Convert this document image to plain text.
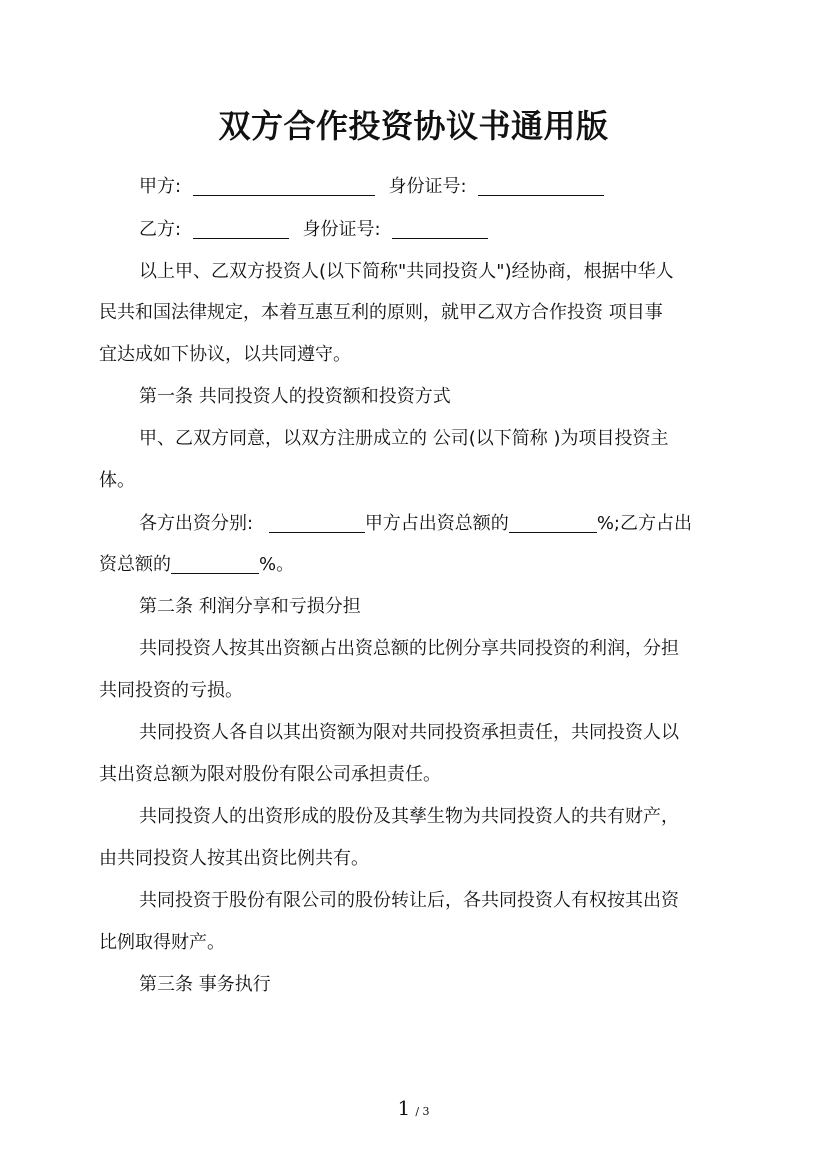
双方合作投资协议书通用版
甲方:	身份证号:
乙方:	身份证号:
以上甲、乙双方投资人(以下简称"共同投资人")经协商，根据中华人
民共和国法律规定，本着互惠互利的原则，就甲乙双方合作投资 项目事
宜达成如下协议，以共同遵守。
第一条 共同投资人的投资额和投资方式
甲、乙双方同意，以双方注册成立的 公司(以下简称 )为项目投资主
体。
各方出资分别:	甲方占出资总额的	%;乙方占出
资总额的	%。
第二条 利润分享和亏损分担
共同投资人按其出资额占出资总额的比例分享共同投资的利润，分担
共同投资的亏损。
共同投资人各自以其出资额为限对共同投资承担责任，共同投资人以
其出资总额为限对股份有限公司承担责任。
共同投资人的出资形成的股份及其孳生物为共同投资人的共有财产，
由共同投资人按其出资比例共有。
共同投资于股份有限公司的股份转让后，各共同投资人有权按其出资
比例取得财产。
第三条 事务执行
1 / 3
